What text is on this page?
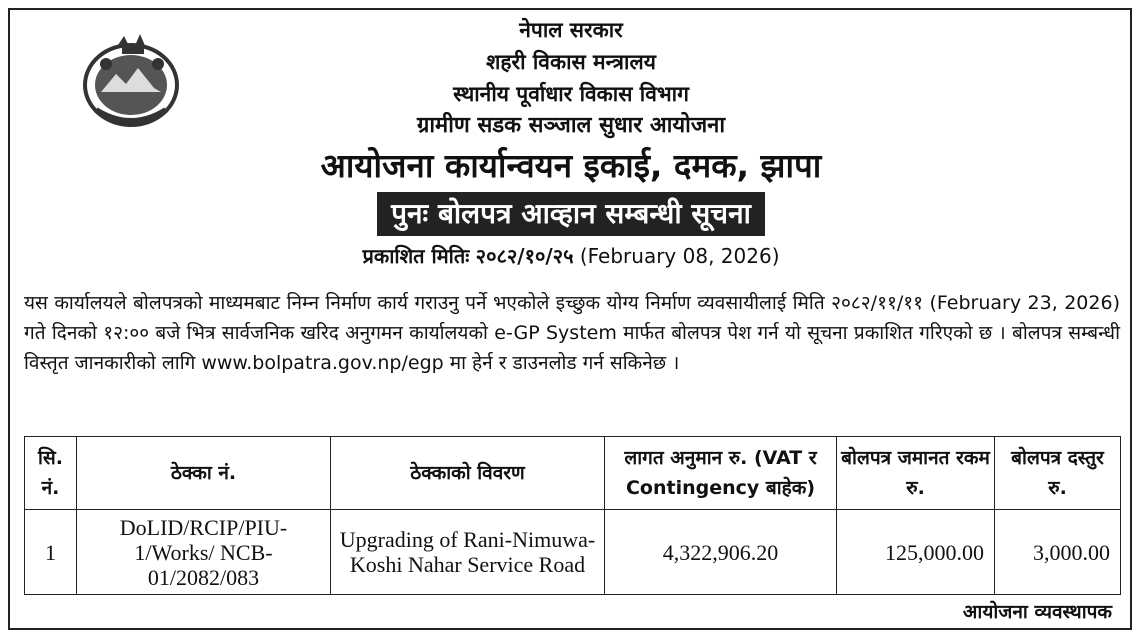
नेपाल सरकार
शहरी विकास मन्त्रालय
स्थानीय पूर्वाधार विकास विभाग
ग्रामीण सडक सञ्जाल सुधार आयोजना
आयोजना कार्यान्वयन इकाई, दमक, झापा
पुनः बोलपत्र आव्हान सम्बन्धी सूचना
प्रकाशित मितिः २०८२/१०/२५ (February 08, 2026)
यस कार्यालयले बोलपत्रको माध्यमबाट निम्न निर्माण कार्य गराउनु पर्ने भएकोले इच्छुक योग्य निर्माण व्यवसायीलाई मिति २०८२/११/११ (February 23, 2026) गते दिनको १२:०० बजे भित्र सार्वजनिक खरिद अनुगमन कार्यालयको e-GP System मार्फत बोलपत्र पेश गर्न यो सूचना प्रकाशित गरिएको छ । बोलपत्र सम्बन्धी विस्तृत जानकारीको लागि www.bolpatra.gov.np/egp मा हेर्न र डाउनलोड गर्न सकिनेछ ।
सि. नं.	ठेक्का नं.	ठेक्काको विवरण	लागत अनुमान रु. (VAT र Contingency बाहेक)	बोलपत्र जमानत रकम रु.	बोलपत्र दस्तुर रु.
1	DoLID/RCIP/PIU-1/Works/ NCB-01/2082/083	Upgrading of Rani-Nimuwa-Koshi Nahar Service Road	4,322,906.20	125,000.00	3,000.00
आयोजना व्यवस्थापक
